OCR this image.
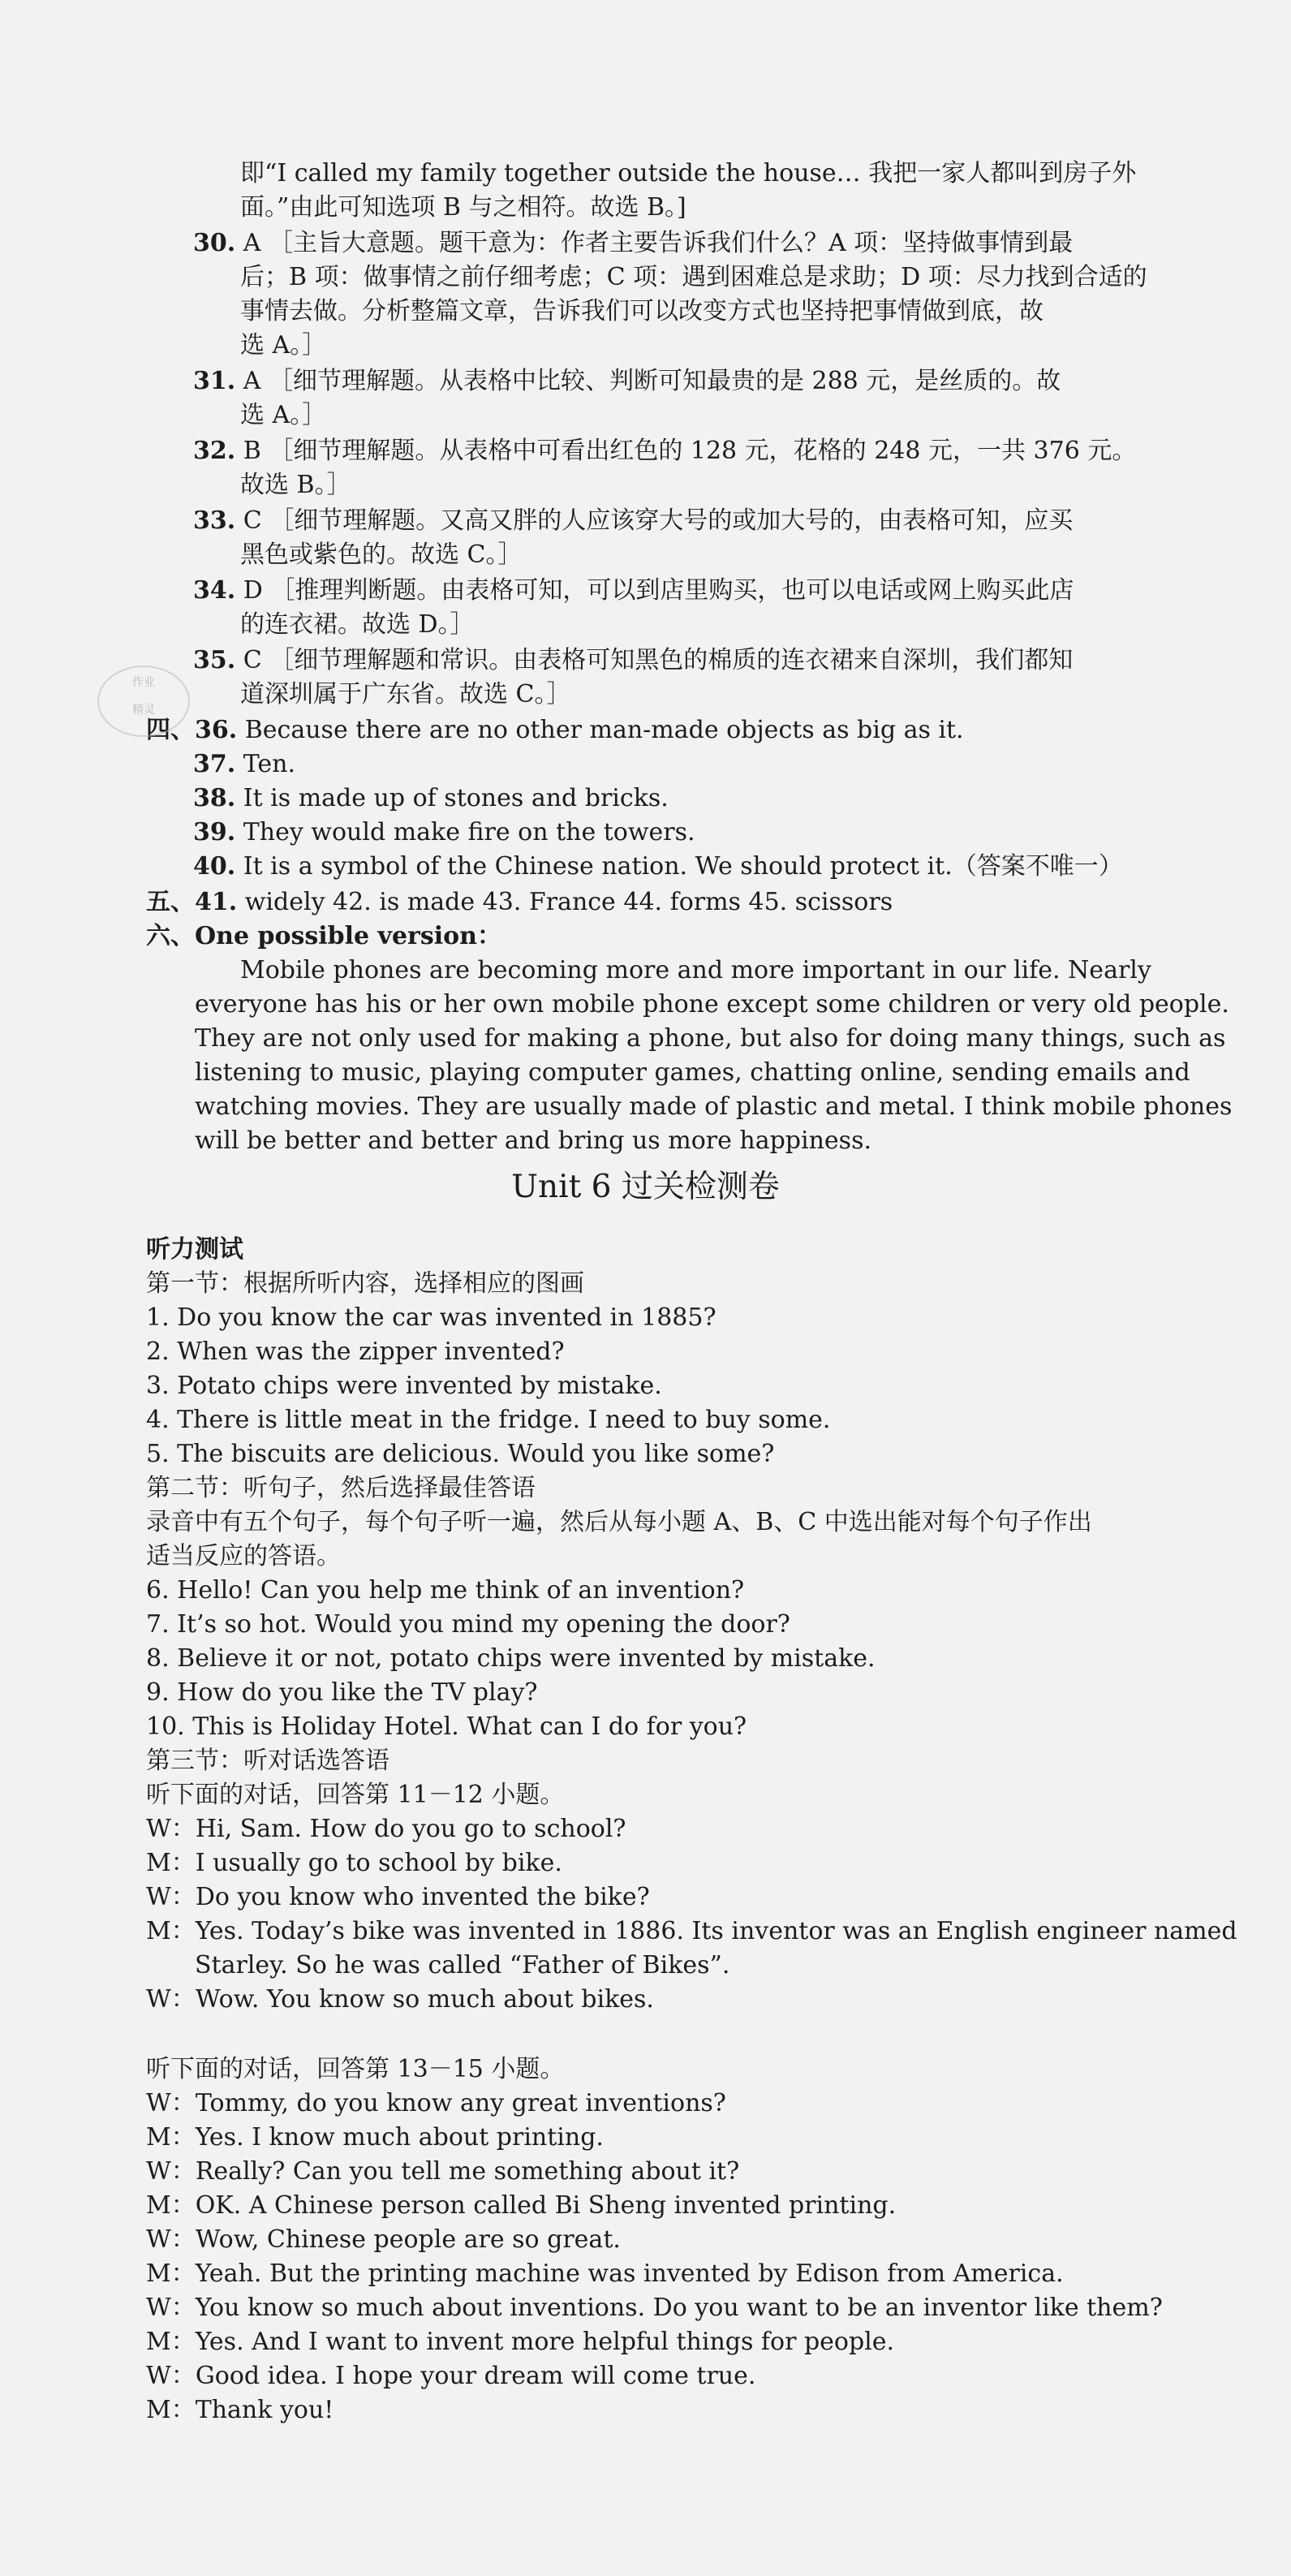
即“I called my family together outside the house… 我把一家人都叫到房子外
面。”由此可知选项 B 与之相符。故选 B。]
30. A ［主旨大意题。题干意为：作者主要告诉我们什么？A 项：坚持做事情到最
后；B 项：做事情之前仔细考虑；C 项：遇到困难总是求助；D 项：尽力找到合适的
事情去做。分析整篇文章，告诉我们可以改变方式也坚持把事情做到底，故
选 A。］
31. A ［细节理解题。从表格中比较、判断可知最贵的是 288 元，是丝质的。故
选 A。］
32. B ［细节理解题。从表格中可看出红色的 128 元，花格的 248 元，一共 376 元。
故选 B。］
33. C ［细节理解题。又高又胖的人应该穿大号的或加大号的，由表格可知，应买
黑色或紫色的。故选 C。］
34. D ［推理判断题。由表格可知，可以到店里购买，也可以电话或网上购买此店
的连衣裙。故选 D。］
35. C ［细节理解题和常识。由表格可知黑色的棉质的连衣裙来自深圳，我们都知
道深圳属于广东省。故选 C。］
四、36. Because there are no other man-made objects as big as it.
37. Ten.
38. It is made up of stones and bricks.
39. They would make fire on the towers.
40. It is a symbol of the Chinese nation. We should protect it.（答案不唯一）
五、41. widely 42. is made 43. France 44. forms 45. scissors
六、One possible version：
Mobile phones are becoming more and more important in our life. Nearly
everyone has his or her own mobile phone except some children or very old people.
They are not only used for making a phone, but also for doing many things, such as
listening to music, playing computer games, chatting online, sending emails and
watching movies. They are usually made of plastic and metal. I think mobile phones
will be better and better and bring us more happiness.
Unit 6 过关检测卷
听力测试
第一节：根据所听内容，选择相应的图画
1. Do you know the car was invented in 1885?
2. When was the zipper invented?
3. Potato chips were invented by mistake.
4. There is little meat in the fridge. I need to buy some.
5. The biscuits are delicious. Would you like some?
第二节：听句子，然后选择最佳答语
录音中有五个句子，每个句子听一遍，然后从每小题 A、B、C 中选出能对每个句子作出
适当反应的答语。
6. Hello! Can you help me think of an invention?
7. It’s so hot. Would you mind my opening the door?
8. Believe it or not, potato chips were invented by mistake.
9. How do you like the TV play?
10. This is Holiday Hotel. What can I do for you?
第三节：听对话选答语
听下面的对话，回答第 11－12 小题。
W：Hi, Sam. How do you go to school?
M：I usually go to school by bike.
W：Do you know who invented the bike?
M：Yes. Today’s bike was invented in 1886. Its inventor was an English engineer named
Starley. So he was called “Father of Bikes”.
W：Wow. You know so much about bikes.
听下面的对话，回答第 13－15 小题。
W：Tommy, do you know any great inventions?
M：Yes. I know much about printing.
W：Really? Can you tell me something about it?
M：OK. A Chinese person called Bi Sheng invented printing.
W：Wow, Chinese people are so great.
M：Yeah. But the printing machine was invented by Edison from America.
W：You know so much about inventions. Do you want to be an inventor like them?
M：Yes. And I want to invent more helpful things for people.
W：Good idea. I hope your dream will come true.
M：Thank you!
作业
精灵
